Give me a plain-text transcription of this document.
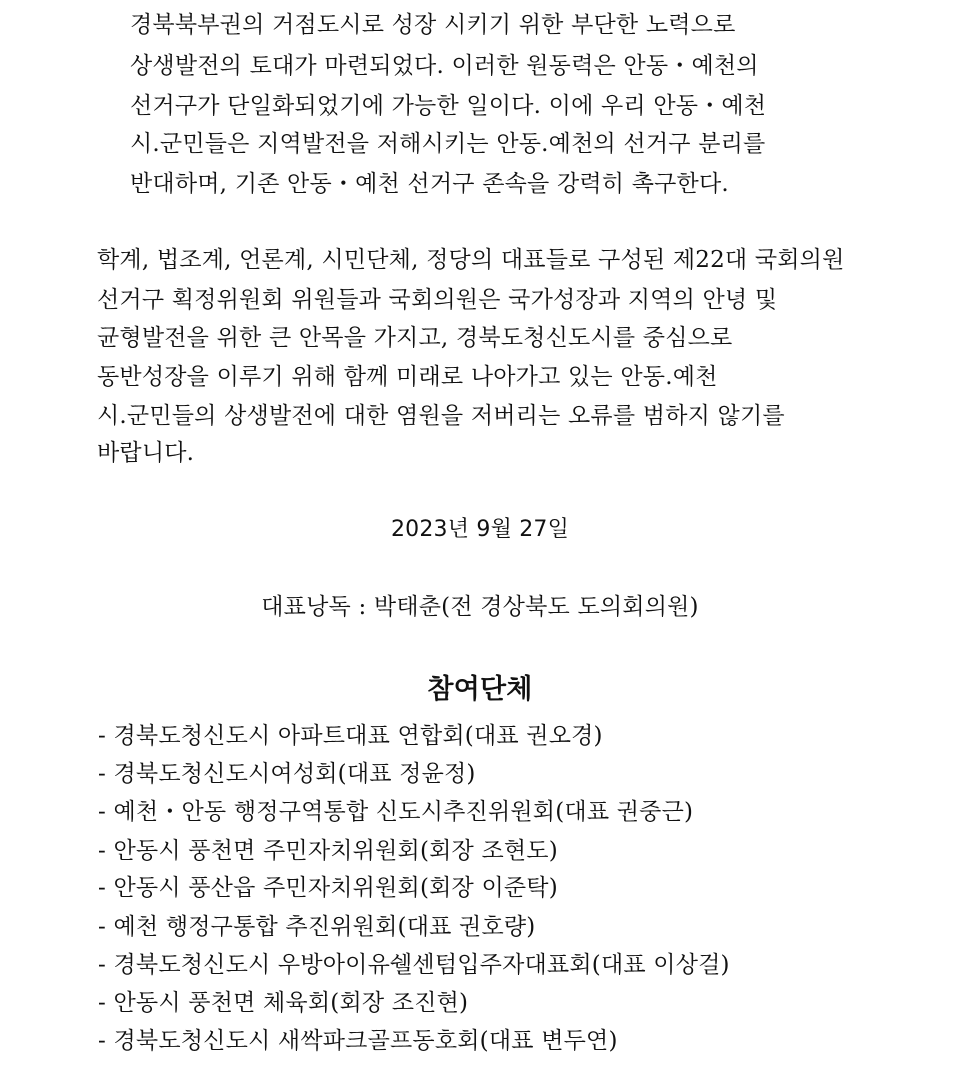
경북북부권의 거점도시로 성장 시키기 위한 부단한 노력으로
상생발전의 토대가 마련되었다. 이러한 원동력은 안동・예천의
선거구가 단일화되었기에 가능한 일이다. 이에 우리 안동・예천
시.군민들은 지역발전을 저해시키는 안동.예천의 선거구 분리를
반대하며, 기존 안동・예천 선거구 존속을 강력히 촉구한다.
학계, 법조계, 언론계, 시민단체, 정당의 대표들로 구성된 제22대 국회의원
선거구 획정위원회 위원들과 국회의원은 국가성장과 지역의 안녕 및
균형발전을 위한 큰 안목을 가지고, 경북도청신도시를 중심으로
동반성장을 이루기 위해 함께 미래로 나아가고 있는 안동.예천
시.군민들의 상생발전에 대한 염원을 저버리는 오류를 범하지 않기를
바랍니다.
2023년 9월 27일
대표낭독 : 박태춘(전 경상북도 도의회의원)
참여단체
- 경북도청신도시 아파트대표 연합회(대표 권오경)
- 경북도청신도시여성회(대표 정윤정)
- 예천・안동 행정구역통합 신도시추진위원회(대표 권중근)
- 안동시 풍천면 주민자치위원회(회장 조현도)
- 안동시 풍산읍 주민자치위원회(회장 이준탁)
- 예천 행정구통합 추진위원회(대표 권호량)
- 경북도청신도시 우방아이유쉘센텀입주자대표회(대표 이상걸)
- 안동시 풍천면 체육회(회장 조진현)
- 경북도청신도시 새싹파크골프동호회(대표 변두연)
